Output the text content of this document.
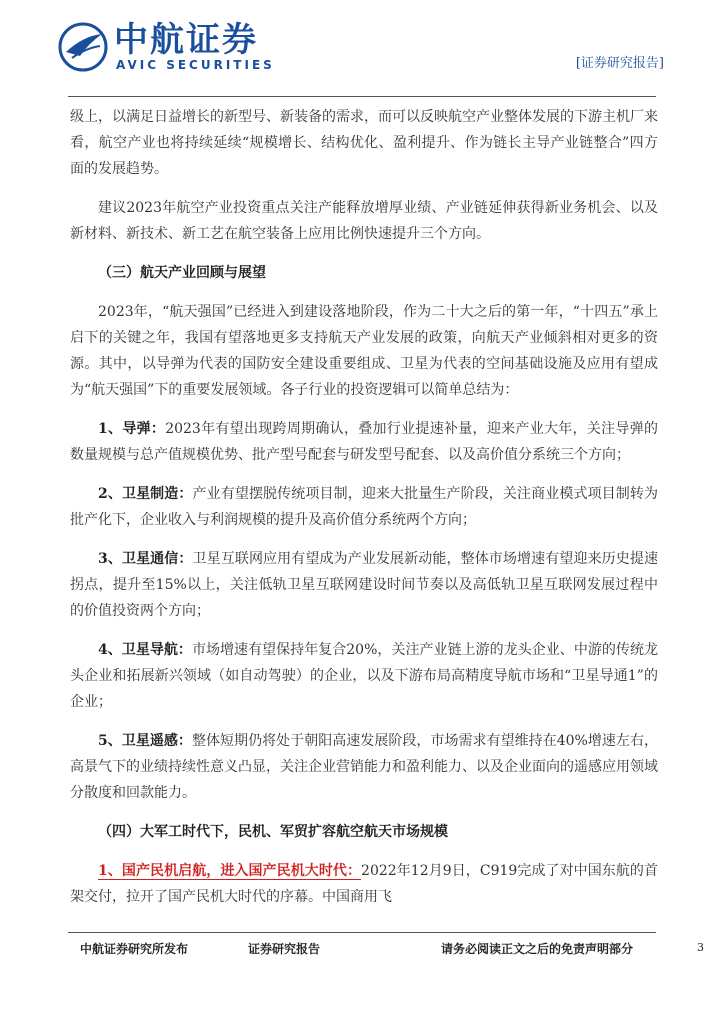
中航证券
AVIC SECURITIES	[证券研究报告]

级上，以满足日益增长的新型号、新装备的需求，而可以反映航空产业整体发展的下游主机厂来看，航空产业也将持续延续“规模增长、结构优化、盈利提升、作为链长主导产业链整合”四方面的发展趋势。

建议2023年航空产业投资重点关注产能释放增厚业绩、产业链延伸获得新业务机会、以及新材料、新技术、新工艺在航空装备上应用比例快速提升三个方向。

（三）航天产业回顾与展望

2023年，“航天强国”已经进入到建设落地阶段，作为二十大之后的第一年，“十四五”承上启下的关键之年，我国有望落地更多支持航天产业发展的政策，向航天产业倾斜相对更多的资源。其中，以导弹为代表的国防安全建设重要组成、卫星为代表的空间基础设施及应用有望成为“航天强国”下的重要发展领域。各子行业的投资逻辑可以简单总结为：

1、导弹：2023年有望出现跨周期确认，叠加行业提速补量，迎来产业大年，关注导弹的数量规模与总产值规模优势、批产型号配套与研发型号配套、以及高价值分系统三个方向；

2、卫星制造：产业有望摆脱传统项目制，迎来大批量生产阶段，关注商业模式项目制转为批产化下，企业收入与利润规模的提升及高价值分系统两个方向；

3、卫星通信：卫星互联网应用有望成为产业发展新动能，整体市场增速有望迎来历史提速拐点，提升至15%以上，关注低轨卫星互联网建设时间节奏以及高低轨卫星互联网发展过程中的价值投资两个方向；

4、卫星导航：市场增速有望保持年复合20%，关注产业链上游的龙头企业、中游的传统龙头企业和拓展新兴领域（如自动驾驶）的企业，以及下游布局高精度导航市场和“卫星导通1”的企业；

5、卫星遥感：整体短期仍将处于朝阳高速发展阶段，市场需求有望维持在40%增速左右，高景气下的业绩持续性意义凸显，关注企业营销能力和盈利能力、以及企业面向的遥感应用领域分散度和回款能力。

（四）大军工时代下，民机、军贸扩容航空航天市场规模

1、国产民机启航，进入国产民机大时代：2022年12月9日，C919完成了对中国东航的首架交付，拉开了国产民机大时代的序幕。中国商用飞

中航证券研究所发布	证券研究报告	请务必阅读正文之后的免责声明部分	3
